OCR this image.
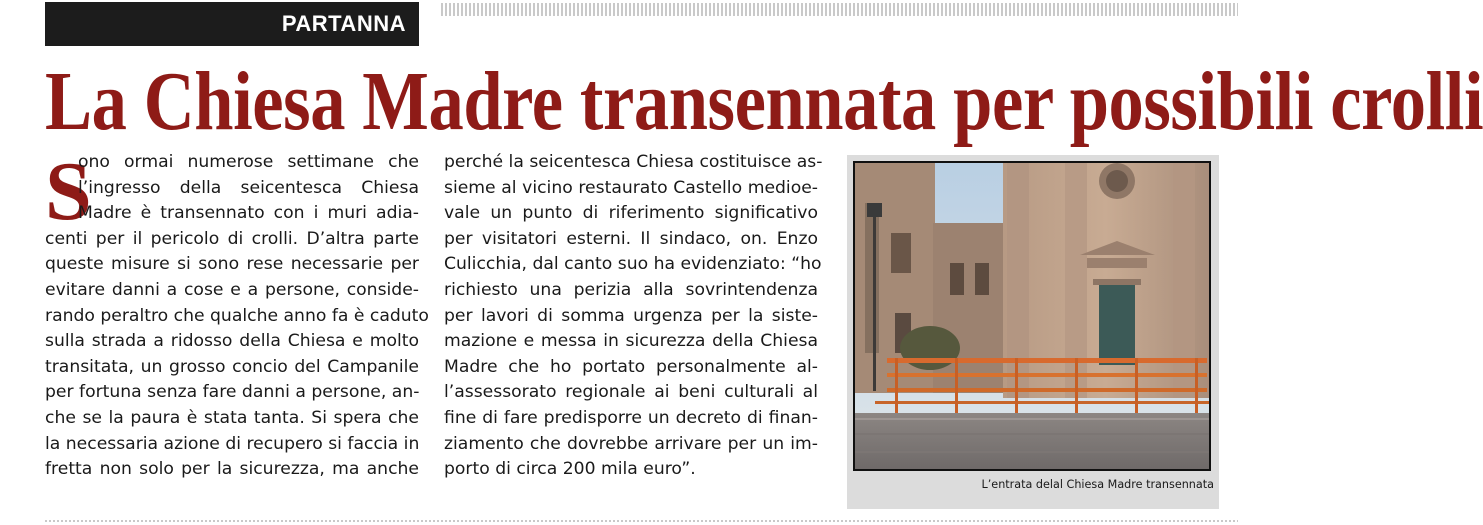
PARTANNA
La Chiesa Madre transennata per possibili crolli
S
ono ormai numerose settimane che
l’ingresso della seicentesca Chiesa
Madre è transennato con i muri adia-
centi per il pericolo di crolli. D’altra parte
queste misure si sono rese necessarie per
evitare danni a cose e a persone, conside-
rando peraltro che qualche anno fa è caduto
sulla strada a ridosso della Chiesa e molto
transitata, un grosso concio del Campanile
per fortuna senza fare danni a persone, an-
che se la paura è stata tanta. Si spera che
la necessaria azione di recupero si faccia in
fretta non solo per la sicurezza, ma anche
perché la seicentesca Chiesa costituisce as-
sieme al vicino restaurato Castello medioe-
vale un punto di riferimento significativo
per visitatori esterni. Il sindaco, on. Enzo
Culicchia, dal canto suo ha evidenziato: “ho
richiesto una perizia alla sovrintendenza
per lavori di somma urgenza per la siste-
mazione e messa in sicurezza della Chiesa
Madre che ho portato personalmente al-
l’assessorato regionale ai beni culturali al
fine di fare predisporre un decreto di finan-
ziamento che dovrebbe arrivare per un im-
porto di circa 200 mila euro”.
L’entrata delal Chiesa Madre transennata
